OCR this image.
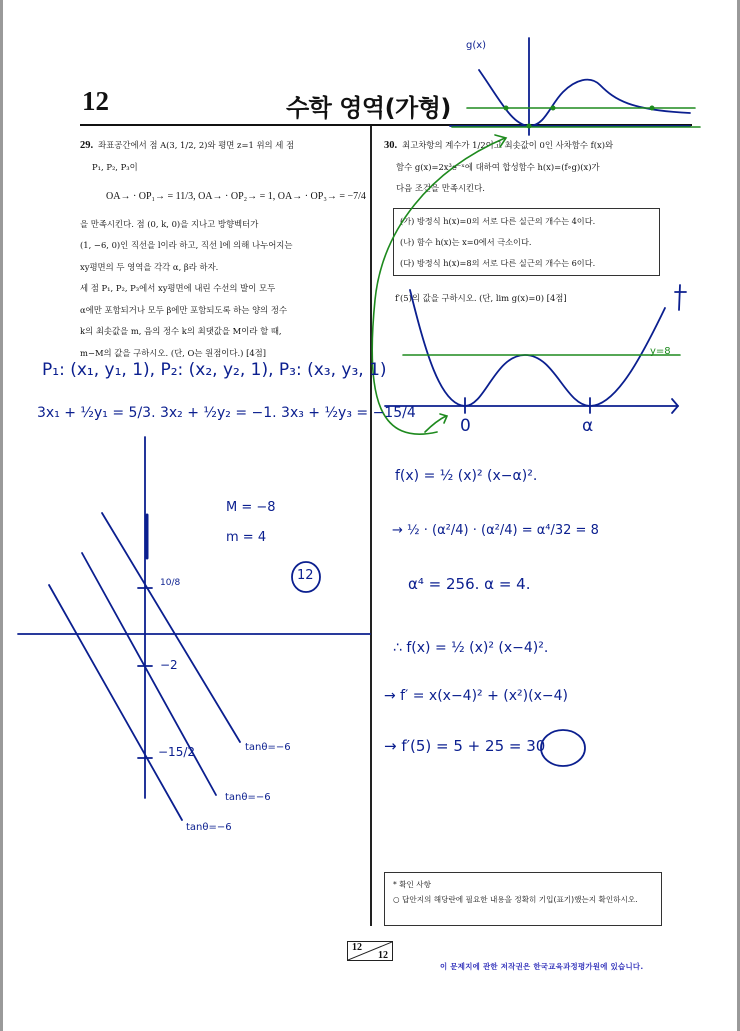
12	수학 영역(가형)

29. 좌표공간에서 점 A(3, 1/2, 2)와 평면 z=1 위의 세 점

P₁, P₂, P₃이

OA→ · OP₁→ = 11/3, OA→ · OP₂→ = 1, OA→ · OP₃→ = −7/4

을 만족시킨다. 점 (0, k, 0)을 지나고 방향벡터가

(1, −6, 0)인 직선을 l이라 하고, 직선 l에 의해 나누어지는

xy평면의 두 영역을 각각 α, β라 하자.

세 점 P₁, P₂, P₃에서 xy평면에 내린 수선의 발이 모두

α에만 포함되거나 모두 β에만 포함되도록 하는 양의 정수

k의 최솟값을 m, 음의 정수 k의 최댓값을 M이라 할 때,

m−M의 값을 구하시오. (단, O는 원점이다.) [4점]

30. 최고차항의 계수가 1/2이고 최솟값이 0인 사차함수 f(x)와

함수 g(x)=2x³e⁻ˣ에 대하여 합성함수 h(x)=(f∘g)(x)가

다음 조건을 만족시킨다.

(가) 방정식 h(x)=0의 서로 다른 실근의 개수는 4이다.

(나) 함수 h(x)는 x=0에서 극소이다.

(다) 방정식 h(x)=8의 서로 다른 실근의 개수는 6이다.

f′(5)의 값을 구하시오. (단, lim g(x)=0) [4점]
P₁: (x₁, y₁, 1), P₂: (x₂, y₂, 1), P₃: (x₃, y₃, 1)
3x₁ + ½y₁ = 5/3. 3x₂ + ½y₂ = −1. 3x₃ + ½y₃ = −15/4
M = −8
m = 4
12
10/8
−2
−15/2	tanθ=−6
tanθ=−6
tanθ=−6
g(x)
y=8
0	α
f(x) = ½ (x)² (x−α)².
→ ½ · (α²/4) · (α²/4) = α⁴/32 = 8
α⁴ = 256. α = 4.
∴ f(x) = ½ (x)² (x−4)².
→ f′ = x(x−4)² + (x²)(x−4)
→ f′(5) = 5 + 25 = 30

* 확인 사항

○ 답안지의 해당란에 필요한 내용을 정확히 기입(표기)했는지 확인하시오.

12
12
이 문제지에 관한 저작권은 한국교육과정평가원에 있습니다.
